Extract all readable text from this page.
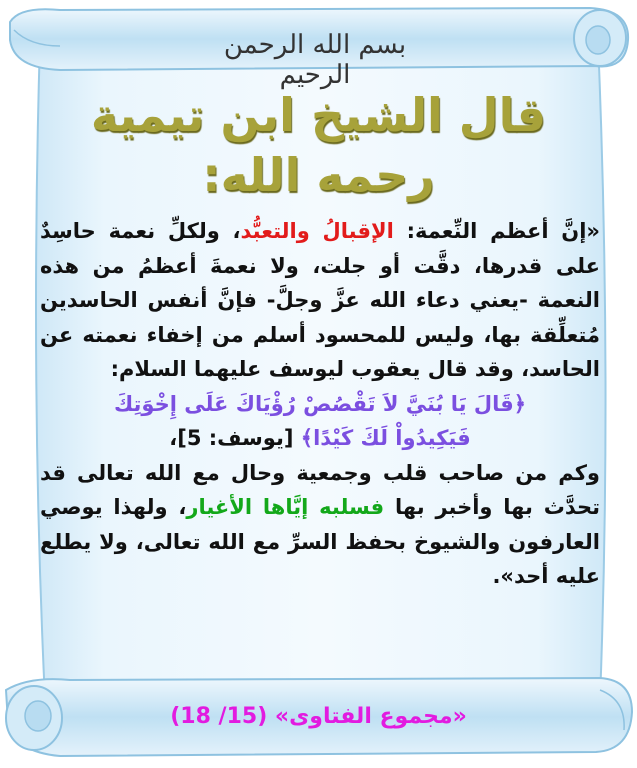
بسم الله الرحمن الرحيم
قال الشيخ ابن تيمية
رحمه الله:
«إنَّ أعظم النِّعمة: الإقبالُ والتعبُّد، ولكلِّ نعمة حاسِدٌ على قدرها، دقَّت أو جلت، ولا نعمةَ أعظمُ من هذه النعمة -يعني دعاء الله عزَّ وجلَّ- فإنَّ أنفس الحاسدين مُتعلِّقة بها، وليس للمحسود أسلم من إخفاء نعمته عن الحاسد، وقد قال يعقوب ليوسف عليهما السلام:
﴿قَالَ يَا بُنَيَّ لاَ تَقْصُصْ رُؤْيَاكَ عَلَى إِخْوَتِكَ
فَيَكِيدُواْ لَكَ كَيْدًا﴾ [يوسف: 5]،
وكم من صاحب قلب وجمعية وحال مع الله تعالى قد تحدَّث بها وأخبر بها فسلبه إيَّاها الأغيار، ولهذا يوصي العارفون والشيوخ بحفظ السرِّ مع الله تعالى، ولا يطلع عليه أحد».
«مجموع الفتاوى» (15/ 18)
